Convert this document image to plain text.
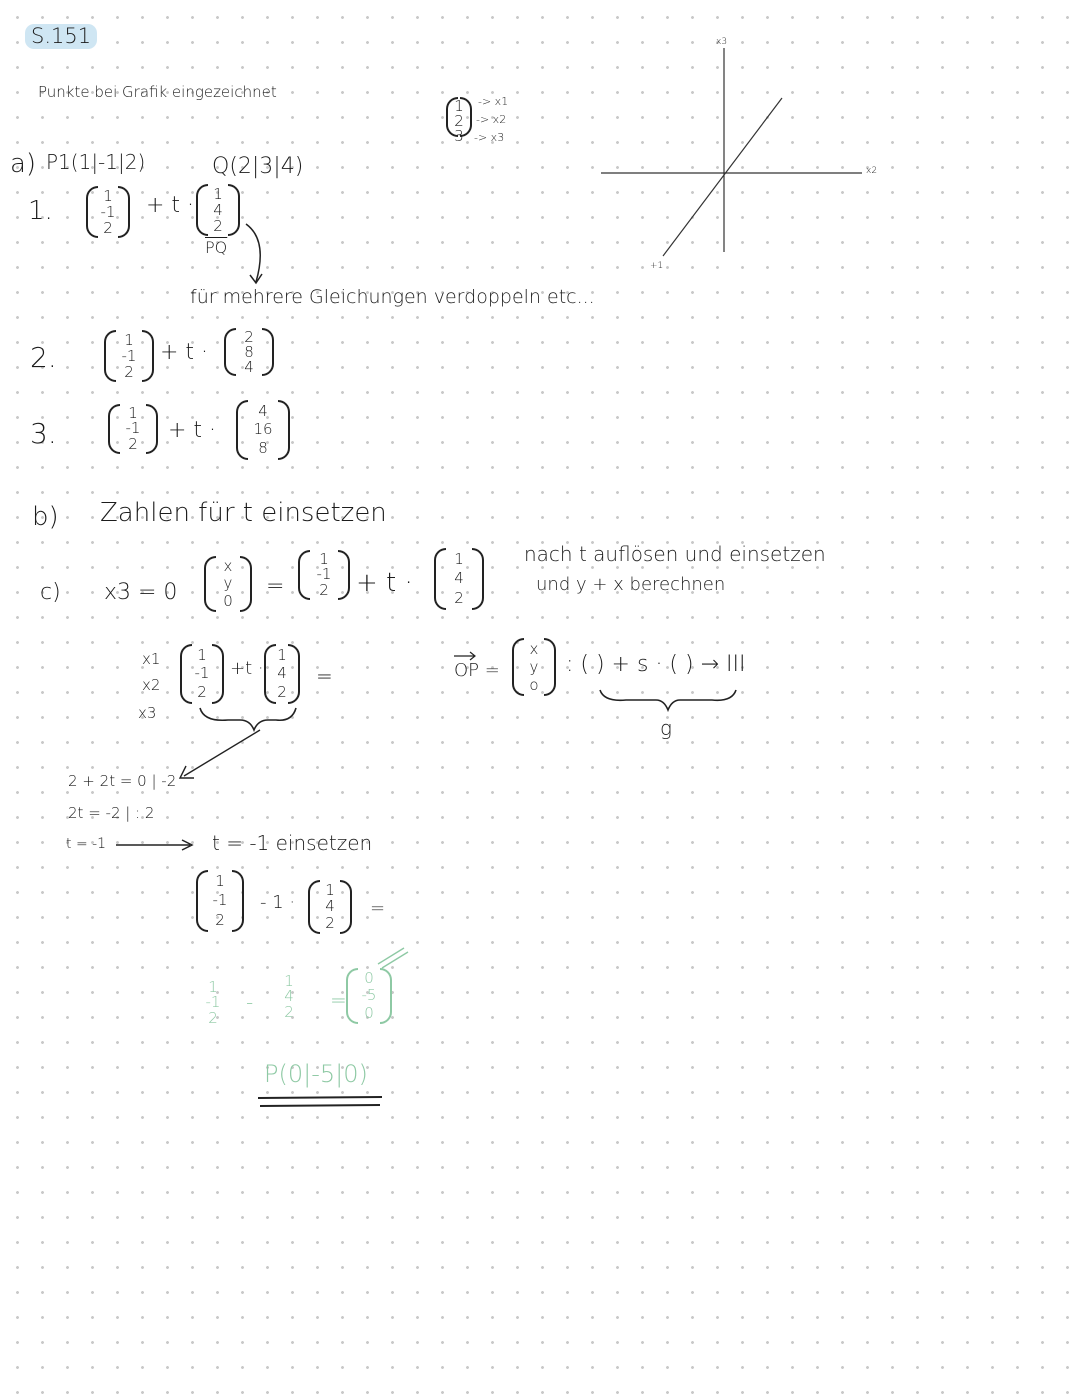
S.151
Punkte bei Grafik eingezeichnet
1
2
3
-> x1
-> x2
-> x3
x3
x2
+1
a) P1(1|-1|2)	Q(2|3|4)
1.
1
-1
2
+ t · 1
4
2
$\overline{PQ}$
für mehrere Gleichungen verdoppeln etc...
2.
1
-1
2
+ t ·
2
8
4
3.
1
-1
2
+ t ·
4
16
8
b) Zahlen für t einsetzen
c) x3 = 0
x
y
0
=
1
-1
2 + t ·
1
4
2
nach t auflösen und einsetzen
und y + x berechnen
x1
x2
x3
1
-1
2
+t ·
1
4
2
=	OP =
x
y
o
: ( ) + s · ( ) → III
g
2 + 2t = 0 | -2
2t = -2 | : 2
t = -1	t = -1 einsetzen
1
-1
2
- 1 ·
1
4
2
=
1
-1
2
-
1
4
2 =
0
-5
0
P(0|-5|0)
